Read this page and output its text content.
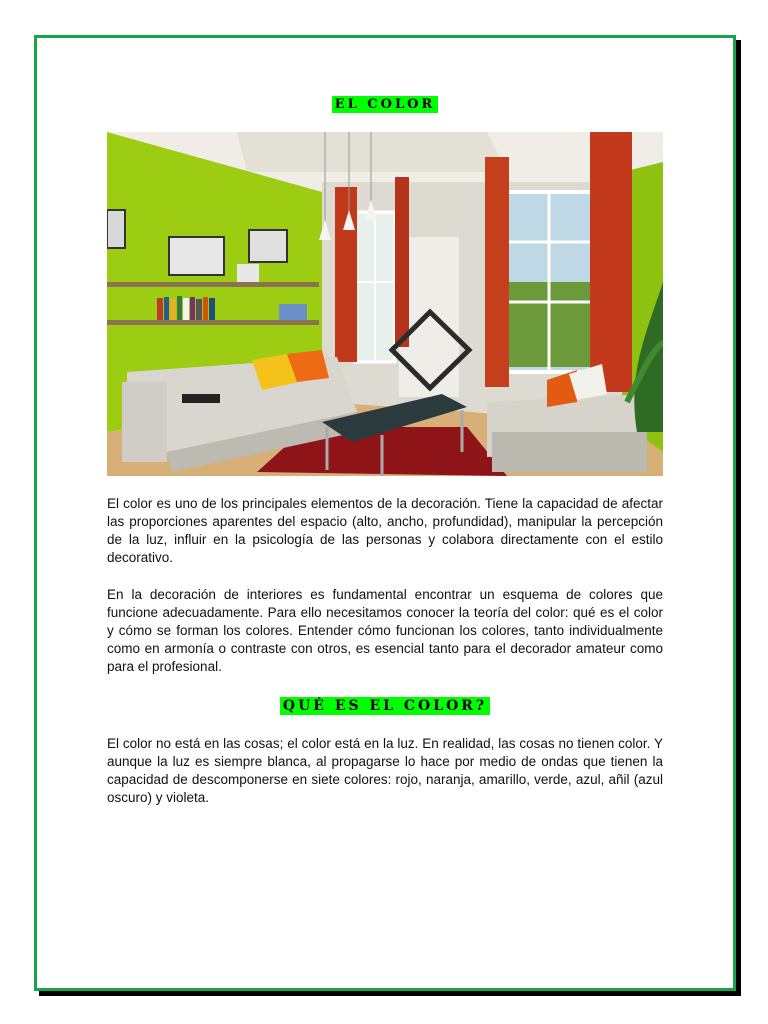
EL COLOR

El color es uno de los principales elementos de la decoración. Tiene la capacidad de afectar las proporciones aparentes del espacio (alto, ancho, profundidad), manipular la percepción de la luz, influir en la psicología de las personas y colabora directamente con el estilo decorativo.

En la decoración de interiores es fundamental encontrar un esquema de colores que funcione adecuadamente. Para ello necesitamos conocer la teoría del color: qué es el color y cómo se forman los colores. Entender cómo funcionan los colores, tanto individualmente como en armonía o contraste con otros, es esencial tanto para el decorador amateur como para el profesional.

QUÉ ES EL COLOR?

El color no está en las cosas; el color está en la luz. En realidad, las cosas no tienen color. Y aunque la luz es siempre blanca, al propagarse lo hace por medio de ondas que tienen la capacidad de descomponerse en siete colores: rojo, naranja, amarillo, verde, azul, añil (azul oscuro) y violeta.
